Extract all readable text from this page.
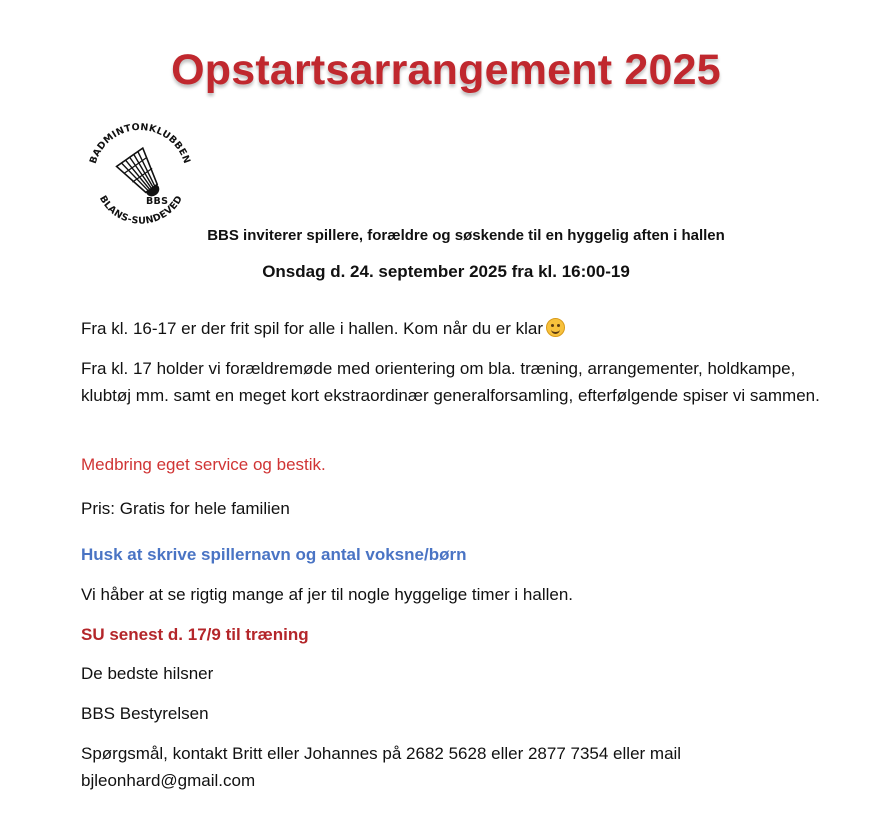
Opstartsarrangement 2025
BADMINTONKLUBBEN
BLANS-SUNDEVED
BBS
BBS inviterer spillere, forældre og søskende til en hyggelig aften i hallen
Onsdag d. 24. september 2025 fra kl. 16:00-19
Fra kl. 16-17 er der frit spil for alle i hallen. Kom når du er klar
Fra kl. 17 holder vi forældremøde med orientering om bla. træning, arrangementer, holdkampe, klubtøj mm. samt en meget kort ekstraordinær generalforsamling, efterfølgende spiser vi sammen.
Medbring eget service og bestik.
Pris: Gratis for hele familien
Husk at skrive spillernavn og antal voksne/børn
Vi håber at se rigtig mange af jer til nogle hyggelige timer i hallen.
SU senest d. 17/9 til træning
De bedste hilsner
BBS Bestyrelsen
Spørgsmål, kontakt Britt eller Johannes på 2682 5628 eller 2877 7354 eller mail bjleonhard@gmail.com
